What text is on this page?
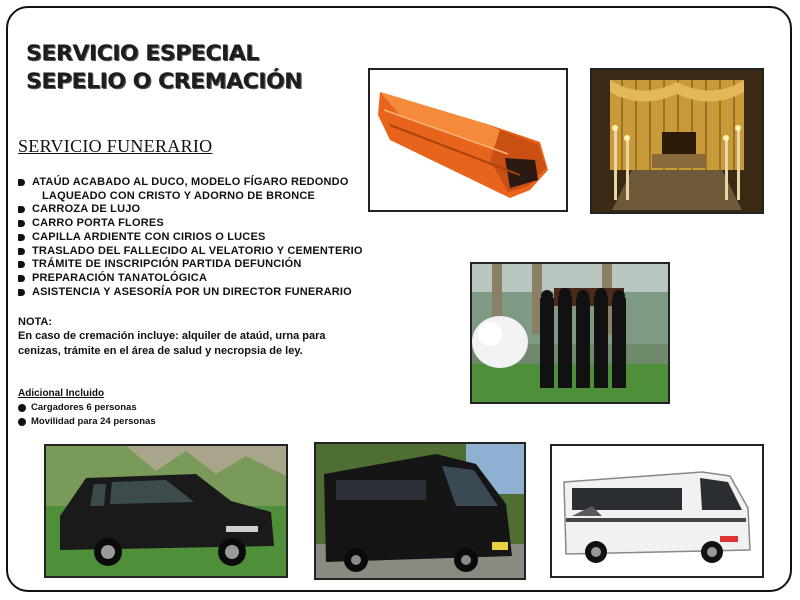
SERVICIO ESPECIAL
SEPELIO O CREMACIÓN
SERVICIO FUNERARIO
ATAÚD ACABADO AL DUCO, MODELO FÍGARO REDONDO
LAQUEADO CON CRISTO Y ADORNO DE BRONCE
CARROZA DE LUJO
CARRO PORTA FLORES
CAPILLA ARDIENTE CON CIRIOS O LUCES
TRASLADO DEL FALLECIDO AL VELATORIO Y CEMENTERIO
TRÁMITE DE INSCRIPCIÓN PARTIDA DEFUNCIÓN
PREPARACIÓN TANATOLÓGICA
ASISTENCIA Y ASESORÍA POR UN DIRECTOR FUNERARIO
NOTA:
En caso de cremación incluye: alquiler de ataúd, urna para cenizas, trámite en el área de salud y necropsia de ley.
Adicional Incluido
Cargadores 6 personas
Movilidad para 24 personas
